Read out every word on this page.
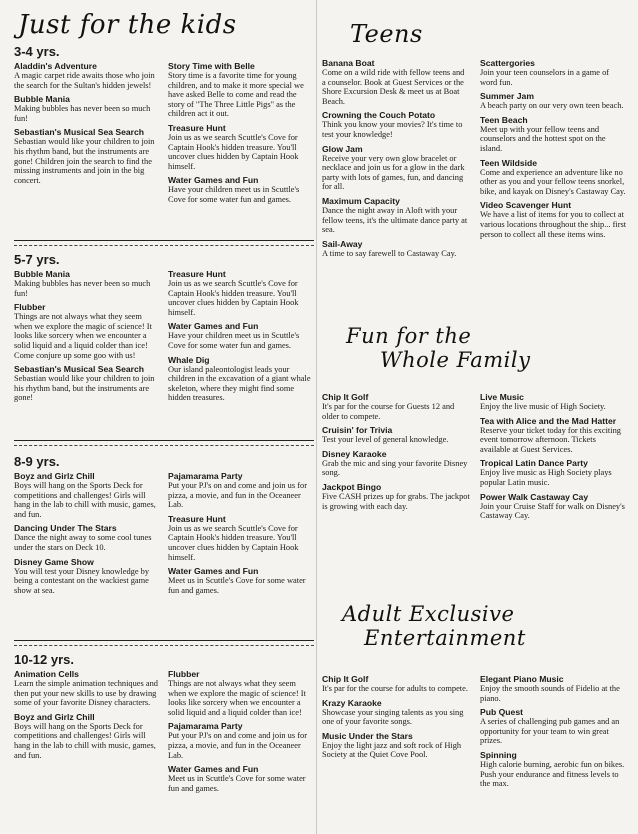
Just for the kids
3-4 yrs.
Aladdin's Adventure
A magic carpet ride awaits those who join the search for the Sultan's hidden jewels!
Bubble Mania
Making bubbles has never been so much fun!
Sebastian's Musical Sea Search
Sebastian would like your children to join his rhythm band, but the instruments are gone! Children join the search to find the missing instruments and join in the big concert.
Story Time with Belle
Story time is a favorite time for young children, and to make it more special we have asked Belle to come and read the story of "The Three Little Pigs" as the children act it out.
Treasure Hunt
Join us as we search Scuttle's Cove for Captain Hook's hidden treasure. You'll uncover clues hidden by Captain Hook himself.
Water Games and Fun
Have your children meet us in Scuttle's Cove for some water fun and games.
5-7 yrs.
Bubble Mania
Making bubbles has never been so much fun!
Flubber
Things are not always what they seem when we explore the magic of science! It looks like sorcery when we encounter a solid liquid and a liquid colder than ice! Come conjure up some goo with us!
Sebastian's Musical Sea Search
Sebastian would like your children to join his rhythm band, but the instruments are gone!
Treasure Hunt
Join us as we search Scuttle's Cove for Captain Hook's hidden treasure. You'll uncover clues hidden by Captain Hook himself.
Water Games and Fun
Have your children meet us in Scuttle's Cove for some water fun and games.
Whale Dig
Our island paleontologist leads your children in the excavation of a giant whale skeleton, where they might find some hidden treasures.
8-9 yrs.
Boyz and Girlz Chill
Boys will hang on the Sports Deck for competitions and challenges! Girls will hang in the lab to chill with music, games, and fun.
Dancing Under The Stars
Dance the night away to some cool tunes under the stars on Deck 10.
Disney Game Show
You will test your Disney knowledge by being a contestant on the wackiest game show at sea.
Pajamarama Party
Put your PJ's on and come and join us for pizza, a movie, and fun in the Oceaneer Lab.
Treasure Hunt
Join us as we search Scuttle's Cove for Captain Hook's hidden treasure. You'll uncover clues hidden by Captain Hook himself.
Water Games and Fun
Meet us in Scuttle's Cove for some water fun and games.
10-12 yrs.
Animation Cells
Learn the simple animation techniques and then put your new skills to use by drawing some of your favorite Disney characters.
Boyz and Girlz Chill
Boys will hang on the Sports Deck for competitions and challenges! Girls will hang in the lab to chill with music, games, and fun.
Flubber
Things are not always what they seem when we explore the magic of science! It looks like sorcery when we encounter a solid liquid and a liquid colder than ice!
Pajamarama Party
Put your PJ's on and come and join us for pizza, a movie, and fun in the Oceaneer Lab.
Water Games and Fun
Meet us in Scuttle's Cove for some water fun and games.
Teens
Banana Boat
Come on a wild ride with fellow teens and a counselor. Book at Guest Services or the Shore Excursion Desk & meet us at Boat Beach.
Crowning the Couch Potato
Think you know your movies? It's time to test your knowledge!
Glow Jam
Receive your very own glow bracelet or necklace and join us for a glow in the dark party with lots of games, fun, and dancing for all.
Maximum Capacity
Dance the night away in Aloft with your fellow teens, it's the ultimate dance party at sea.
Sail-Away
A time to say farewell to Castaway Cay.
Scattergories
Join your teen counselors in a game of word fun.
Summer Jam
A beach party on our very own teen beach.
Teen Beach
Meet up with your fellow teens and counselors and the hottest spot on the island.
Teen Wildside
Come and experience an adventure like no other as you and your fellow teens snorkel, bike, and kayak on Disney's Castaway Cay.
Video Scavenger Hunt
We have a list of items for you to collect at various locations throughout the ship... first person to collect all these items wins.
Fun for the
Whole Family
Chip It Golf
It's par for the course for Guests 12 and older to compete.
Cruisin' for Trivia
Test your level of general knowledge.
Disney Karaoke
Grab the mic and sing your favorite Disney song.
Jackpot Bingo
Five CASH prizes up for grabs. The jackpot is growing with each day.
Live Music
Enjoy the live music of High Society.
Tea with Alice and the Mad Hatter
Reserve your ticket today for this exciting event tomorrow afternoon. Tickets available at Guest Services.
Tropical Latin Dance Party
Enjoy live music as High Society plays popular Latin music.
Power Walk Castaway Cay
Join your Cruise Staff for walk on Disney's Castaway Cay.
Adult Exclusive
Entertainment
Chip It Golf
It's par for the course for adults to compete.
Krazy Karaoke
Showcase your singing talents as you sing one of your favorite songs.
Music Under the Stars
Enjoy the light jazz and soft rock of High Society at the Quiet Cove Pool.
Elegant Piano Music
Enjoy the smooth sounds of Fidelio at the piano.
Pub Quest
A series of challenging pub games and an opportunity for your team to win great prizes.
Spinning
High calorie burning, aerobic fun on bikes. Push your endurance and fitness levels to the max.
